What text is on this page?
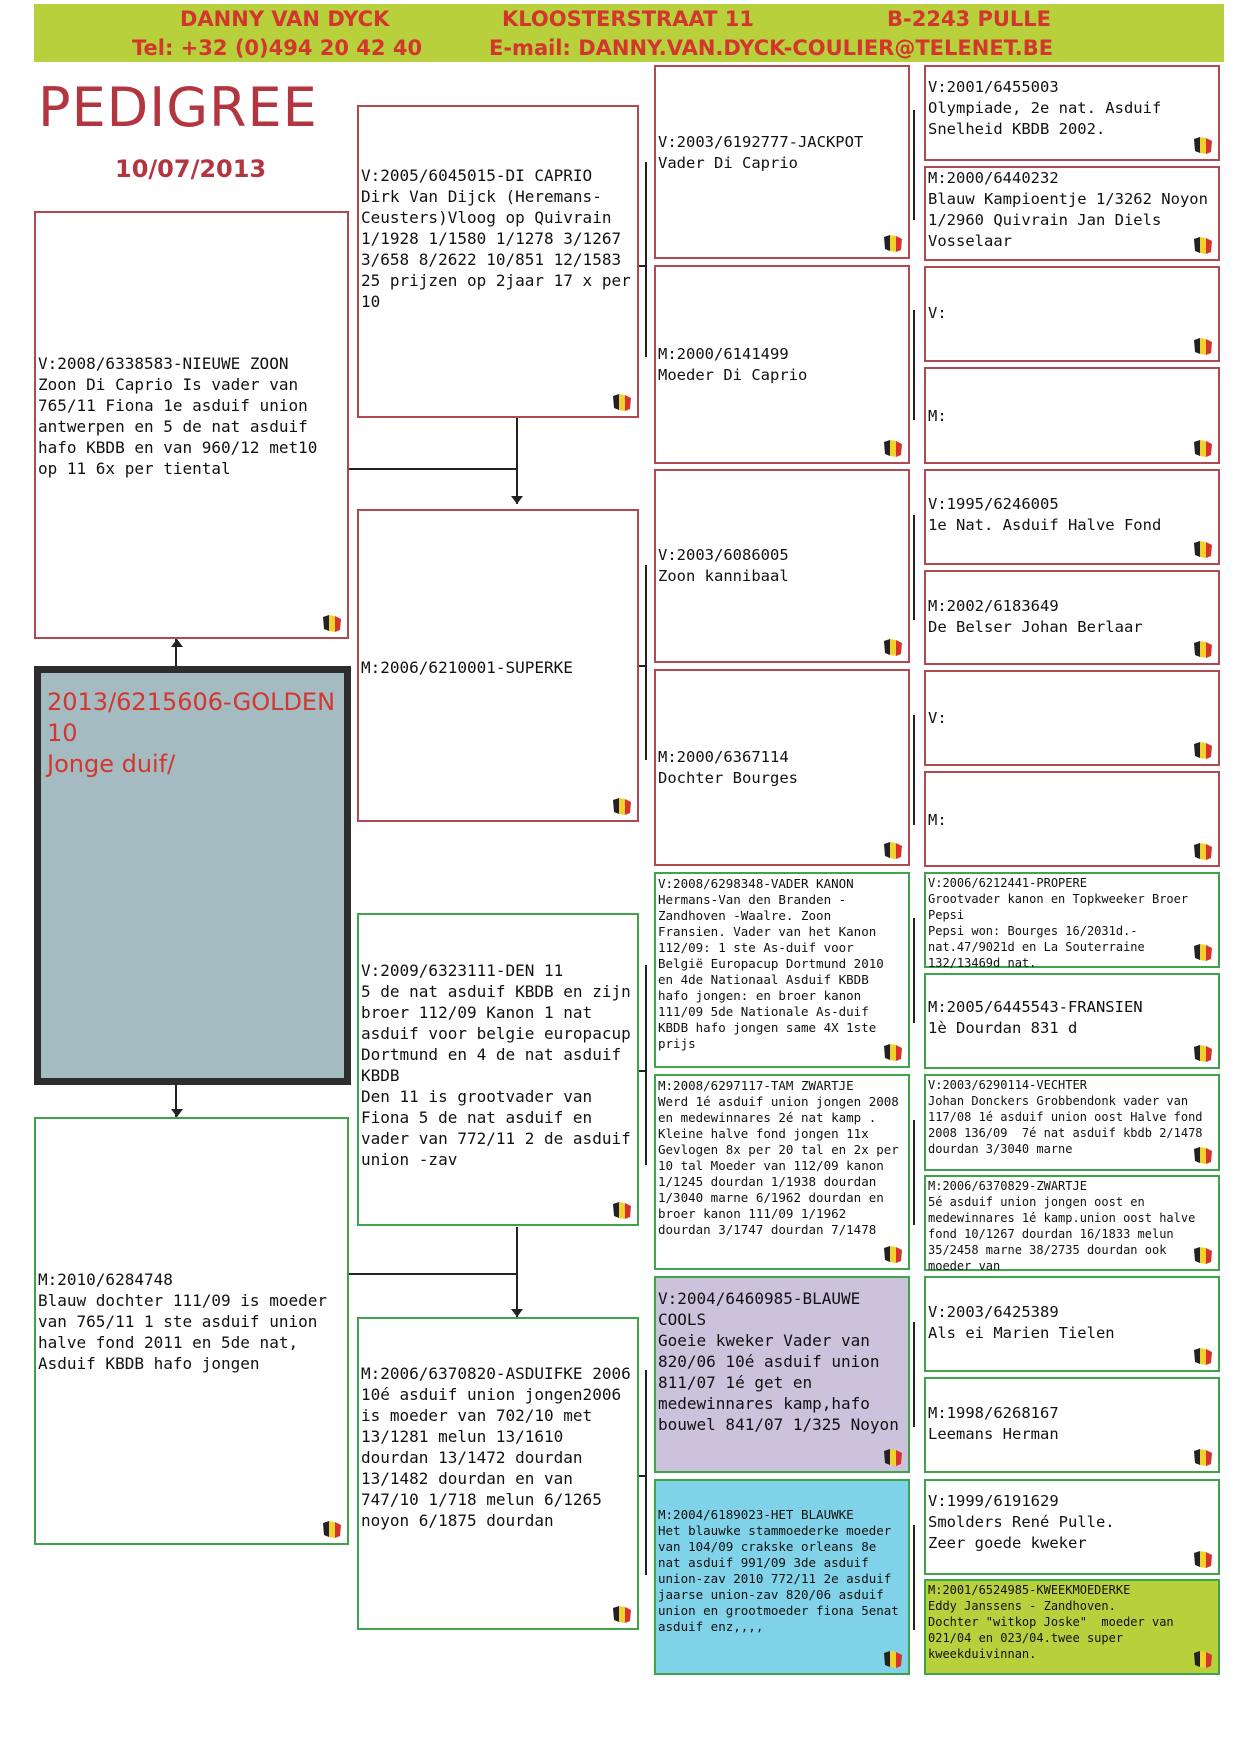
DANNY VAN DYCK	KLOOSTERSTRAAT 11	B-2243 PULLE
Tel: +32 (0)494 20 42 40	E-mail: DANNY.VAN.DYCK-COULIER@TELENET.BE
PEDIGREE
10/07/2013
2013/6215606-GOLDEN
10
Jonge duif/
V:2008/6338583-NIEUWE ZOON
Zoon Di Caprio Is vader van 765/11 Fiona 1e asduif union antwerpen en 5 de nat asduif hafo KBDB en van 960/12 met10 op 11 6x per tiental
M:2010/6284748
Blauw dochter 111/09 is moeder van 765/11 1 ste asduif union halve fond 2011 en 5de nat, Asduif KBDB hafo jongen
V:2005/6045015-DI CAPRIO
Dirk Van Dijck (Heremans-Ceusters)Vloog op Quivrain 1/1928 1/1580 1/1278 3/1267 3/658 8/2622 10/851 12/1583 25 prijzen op 2jaar 17 x per 10
M:2006/6210001-SUPERKE
V:2009/6323111-DEN 11
5 de nat asduif KBDB en zijn broer 112/09 Kanon 1 nat asduif voor belgie europacup Dortmund en 4 de nat asduif KBDB
Den 11 is grootvader van Fiona 5 de nat asduif en vader van 772/11 2 de asduif union -zav
M:2006/6370820-ASDUIFKE 2006
10é asduif union jongen2006 is moeder van 702/10 met 13/1281 melun 13/1610 dourdan 13/1472 dourdan 13/1482 dourdan en van 747/10 1/718 melun 6/1265 noyon 6/1875 dourdan
V:2003/6192777-JACKPOT
Vader Di Caprio
M:2000/6141499
Moeder Di Caprio
V:2003/6086005
Zoon kannibaal
M:2000/6367114
Dochter Bourges
V:2008/6298348-VADER KANON
Hermans-Van den Branden - Zandhoven -Waalre. Zoon Fransien. Vader van het Kanon 112/09: 1 ste As-duif voor België Europacup Dortmund 2010 en 4de Nationaal Asduif KBDB hafo jongen: en broer kanon 111/09 5de Nationale As-duif KBDB hafo jongen same 4X 1ste prijs
M:2008/6297117-TAM ZWARTJE
Werd 1é asduif union jongen 2008 en medewinnares 2é nat kamp . Kleine halve fond jongen 11x Gevlogen 8x per 20 tal en 2x per 10 tal Moeder van 112/09 kanon 1/1245 dourdan 1/1938 dourdan 1/3040 marne 6/1962 dourdan en broer kanon 111/09 1/1962 dourdan 3/1747 dourdan 7/1478
V:2004/6460985-BLAUWE COOLS
Goeie kweker Vader van 820/06 10é asduif union  811/07 1é get en medewinnares kamp,hafo bouwel 841/07 1/325 Noyon
M:2004/6189023-HET BLAUWKE
Het blauwke stammoederke moeder van 104/09 crakske orleans 8e nat asduif 991/09 3de asduif union-zav 2010 772/11 2e asduif jaarse union-zav 820/06 asduif union en grootmoeder fiona 5enat asduif enz,,,,
V:2001/6455003
Olympiade, 2e nat. Asduif Snelheid KBDB 2002.
M:2000/6440232
Blauw Kampioentje 1/3262 Noyon 1/2960 Quivrain Jan Diels Vosselaar
V:
M:
V:1995/6246005
1e Nat. Asduif Halve Fond
M:2002/6183649
De Belser Johan Berlaar
V:
M:
V:2006/6212441-PROPERE
Grootvader kanon en Topkweeker Broer Pepsi
Pepsi won: Bourges 16/2031d.-nat.47/9021d en La Souterraine 132/13469d nat.
M:2005/6445543-FRANSIEN
1è Dourdan 831 d
V:2003/6290114-VECHTER
Johan Donckers Grobbendonk vader van 117/08 1é asduif union oost Halve fond 2008 136/09  7é nat asduif kbdb 2/1478 dourdan 3/3040 marne
M:2006/6370829-ZWARTJE
5é asduif union jongen oost en medewinnares 1é kamp.union oost halve fond 10/1267 dourdan 16/1833 melun 35/2458 marne 38/2735 dourdan ook moeder van
V:2003/6425389
Als ei Marien Tielen
M:1998/6268167
Leemans Herman
V:1999/6191629
Smolders René Pulle.
Zeer goede kweker
M:2001/6524985-KWEEKMOEDERKE
Eddy Janssens - Zandhoven.
Dochter "witkop Joske"  moeder van 021/04 en 023/04.twee super kweekduivinnan.
